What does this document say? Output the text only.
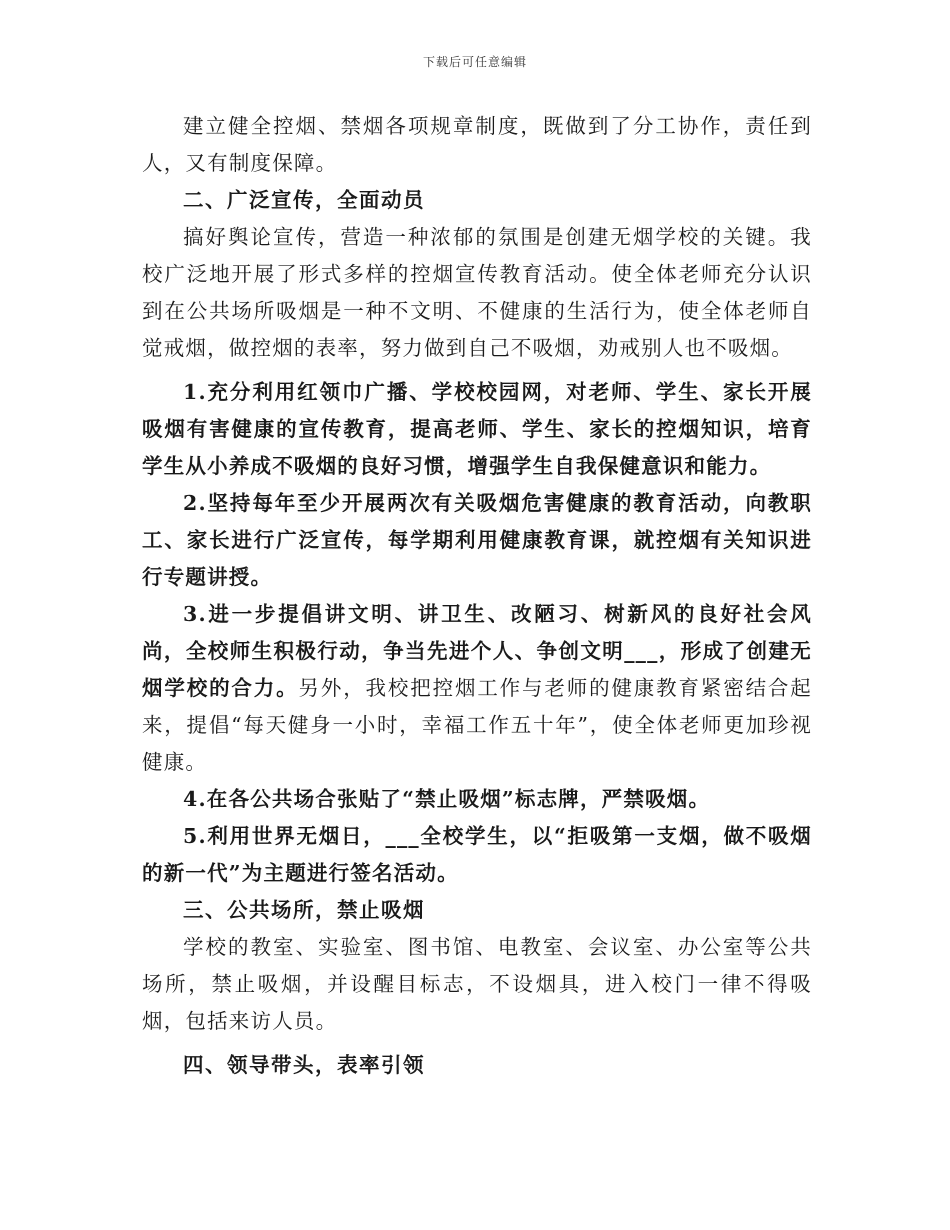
下载后可任意编辑

建立健全控烟、禁烟各项规章制度，既做到了分工协作，责任到人，又有制度保障。

二、广泛宣传，全面动员

搞好舆论宣传，营造一种浓郁的氛围是创建无烟学校的关键。我校广泛地开展了形式多样的控烟宣传教育活动。使全体老师充分认识到在公共场所吸烟是一种不文明、不健康的生活行为，使全体老师自觉戒烟，做控烟的表率，努力做到自己不吸烟，劝戒别人也不吸烟。

1.充分利用红领巾广播、学校校园网，对老师、学生、家长开展吸烟有害健康的宣传教育，提高老师、学生、家长的控烟知识，培育学生从小养成不吸烟的良好习惯，增强学生自我保健意识和能力。

2.坚持每年至少开展两次有关吸烟危害健康的教育活动，向教职工、家长进行广泛宣传，每学期利用健康教育课，就控烟有关知识进行专题讲授。

3.进一步提倡讲文明、讲卫生、改陋习、树新风的良好社会风尚，全校师生积极行动，争当先进个人、争创文明___，形成了创建无烟学校的合力。另外，我校把控烟工作与老师的健康教育紧密结合起来，提倡“每天健身一小时，幸福工作五十年”，使全体老师更加珍视健康。

4.在各公共场合张贴了“禁止吸烟”标志牌，严禁吸烟。

5.利用世界无烟日，___全校学生，以“拒吸第一支烟，做不吸烟的新一代”为主题进行签名活动。

三、公共场所，禁止吸烟

学校的教室、实验室、图书馆、电教室、会议室、办公室等公共场所，禁止吸烟，并设醒目标志，不设烟具，进入校门一律不得吸烟，包括来访人员。

四、领导带头，表率引领
